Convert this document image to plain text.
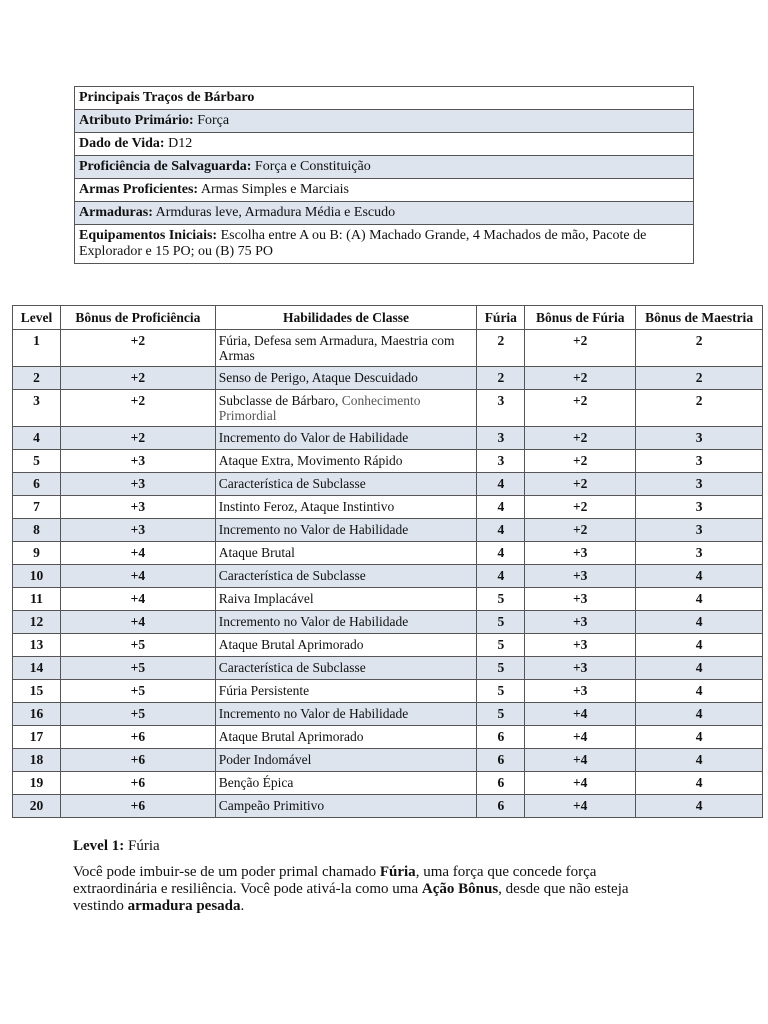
Principais Traços de Bárbaro
Atributo Primário: Força
Dado de Vida: D12
Proficiência de Salvaguarda: Força e Constituição
Armas Proficientes: Armas Simples e Marciais
Armaduras: Armduras leve, Armadura Média e Escudo
Equipamentos Iniciais: Escolha entre A ou B: (A) Machado Grande, 4 Machados de mão, Pacote de Explorador e 15 PO; ou (B) 75 PO
Level	Bônus de Proficiência	Habilidades de Classe	Fúria	Bônus de Fúria	Bônus de Maestria
1	+2	Fúria, Defesa sem Armadura, Maestria com Armas	2	+2	2
2	+2	Senso de Perigo, Ataque Descuidado	2	+2	2
3	+2	Subclasse de Bárbaro, Conhecimento Primordial	3	+2	2
4	+2	Incremento do Valor de Habilidade	3	+2	3
5	+3	Ataque Extra, Movimento Rápido	3	+2	3
6	+3	Característica de Subclasse	4	+2	3
7	+3	Instinto Feroz, Ataque Instintivo	4	+2	3
8	+3	Incremento no Valor de Habilidade	4	+2	3
9	+4	Ataque Brutal	4	+3	3
10	+4	Característica de Subclasse	4	+3	4
11	+4	Raiva Implacável	5	+3	4
12	+4	Incremento no Valor de Habilidade	5	+3	4
13	+5	Ataque Brutal Aprimorado	5	+3	4
14	+5	Característica de Subclasse	5	+3	4
15	+5	Fúria Persistente	5	+3	4
16	+5	Incremento no Valor de Habilidade	5	+4	4
17	+6	Ataque Brutal Aprimorado	6	+4	4
18	+6	Poder Indomável	6	+4	4
19	+6	Benção Épica	6	+4	4
20	+6	Campeão Primitivo	6	+4	4

Level 1: Fúria

Você pode imbuir-se de um poder primal chamado Fúria, uma força que concede força extraordinária e resiliência. Você pode ativá-la como uma Ação Bônus, desde que não esteja vestindo armadura pesada.
